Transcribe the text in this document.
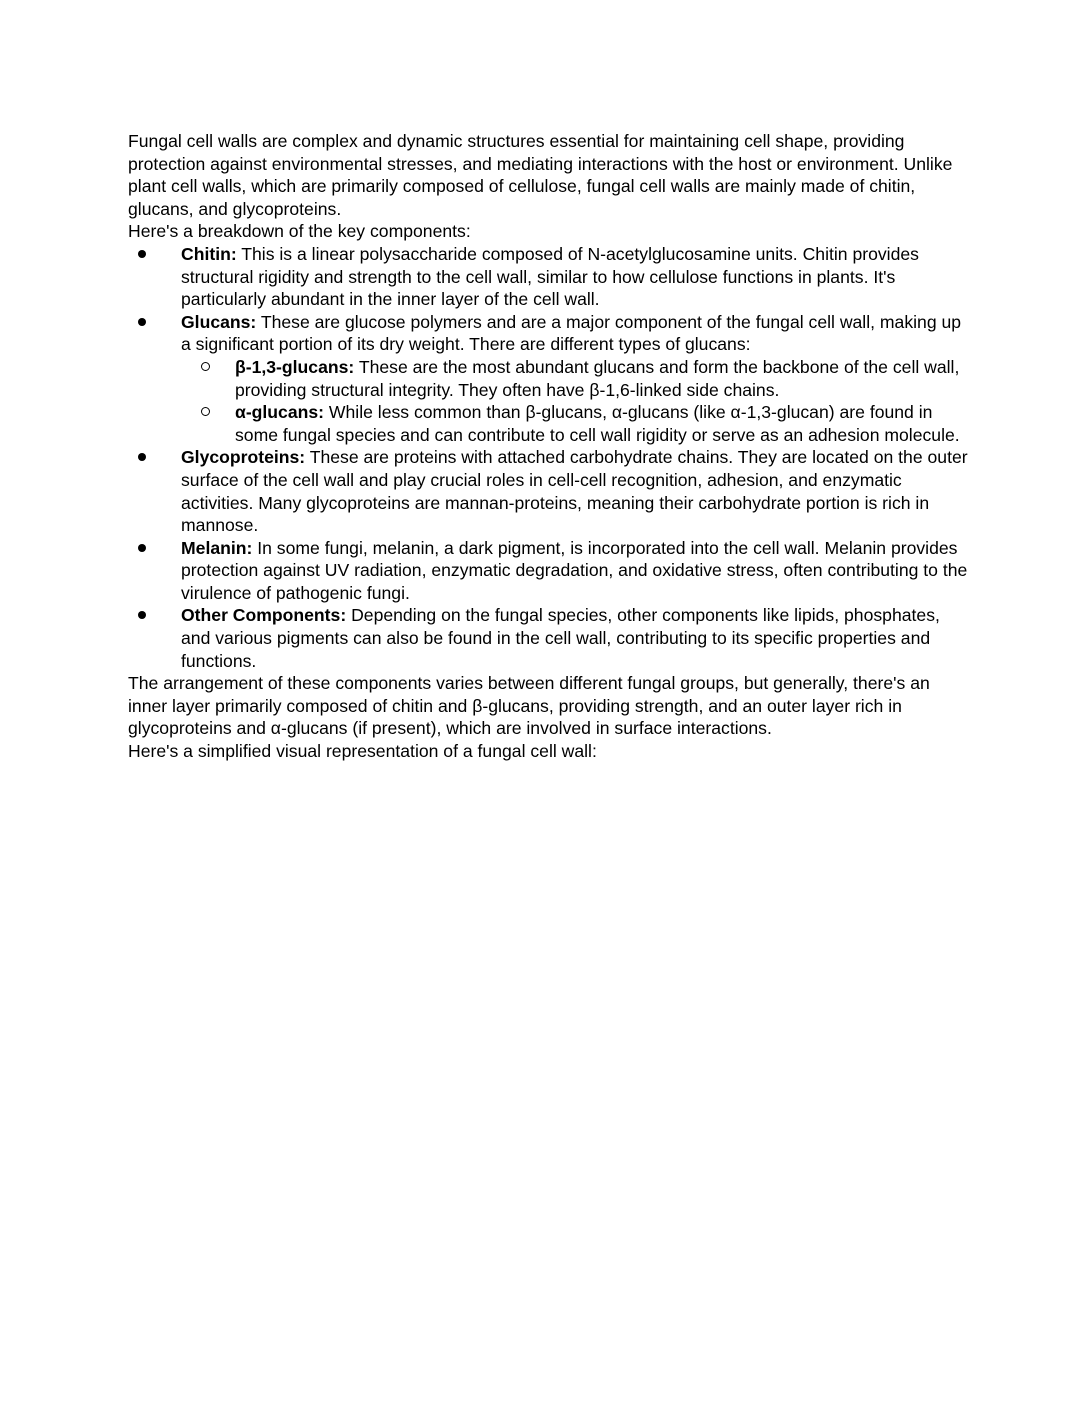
Fungal cell walls are complex and dynamic structures essential for maintaining cell shape, providing protection against environmental stresses, and mediating interactions with the host or environment. Unlike plant cell walls, which are primarily composed of cellulose, fungal cell walls are mainly made of chitin, glucans, and glycoproteins.

Here's a breakdown of the key components:

Chitin: This is a linear polysaccharide composed of N-acetylglucosamine units. Chitin provides structural rigidity and strength to the cell wall, similar to how cellulose functions in plants. It's particularly abundant in the inner layer of the cell wall.
Glucans: These are glucose polymers and are a major component of the fungal cell wall, making up a significant portion of its dry weight. There are different types of glucans:
β-1,3-glucans: These are the most abundant glucans and form the backbone of the cell wall, providing structural integrity. They often have β-1,6-linked side chains.
α-glucans: While less common than β-glucans, α-glucans (like α-1,3-glucan) are found in some fungal species and can contribute to cell wall rigidity or serve as an adhesion molecule.
Glycoproteins: These are proteins with attached carbohydrate chains. They are located on the outer surface of the cell wall and play crucial roles in cell-cell recognition, adhesion, and enzymatic activities. Many glycoproteins are mannan-proteins, meaning their carbohydrate portion is rich in mannose.
Melanin: In some fungi, melanin, a dark pigment, is incorporated into the cell wall. Melanin provides protection against UV radiation, enzymatic degradation, and oxidative stress, often contributing to the virulence of pathogenic fungi.
Other Components: Depending on the fungal species, other components like lipids, phosphates, and various pigments can also be found in the cell wall, contributing to its specific properties and functions.

The arrangement of these components varies between different fungal groups, but generally, there's an inner layer primarily composed of chitin and β-glucans, providing strength, and an outer layer rich in glycoproteins and α-glucans (if present), which are involved in surface interactions.

Here's a simplified visual representation of a fungal cell wall:
